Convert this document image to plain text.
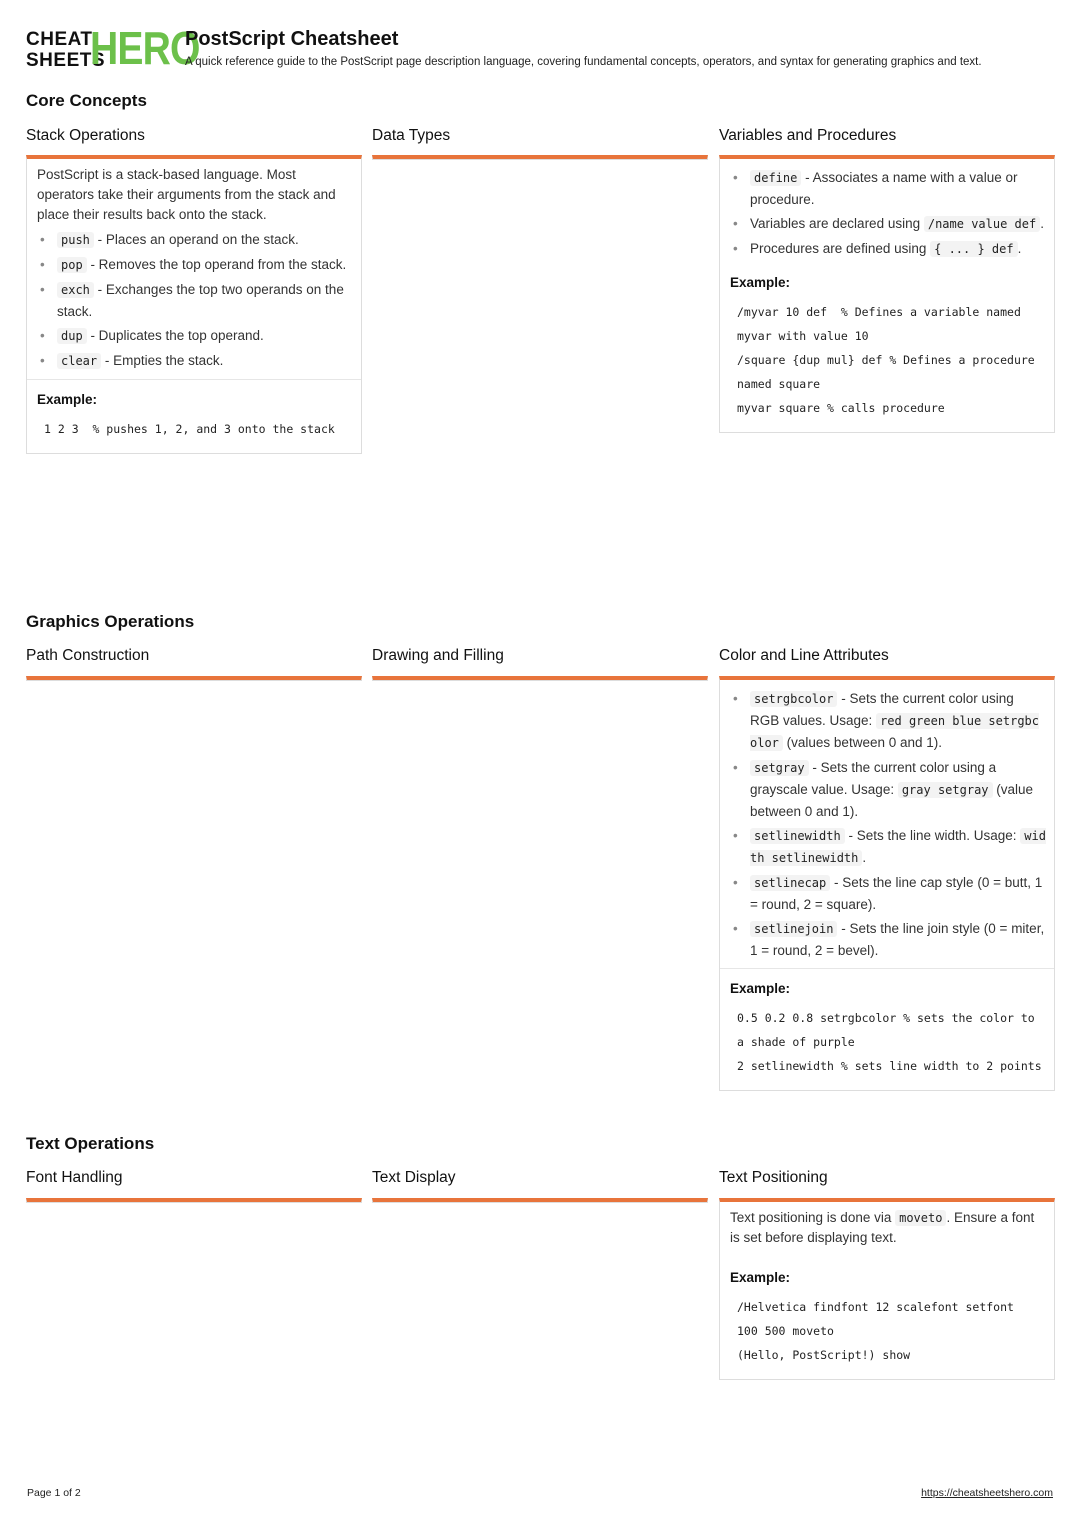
CHEAT
SHEETS
HERO
PostScript Cheatsheet
A quick reference guide to the PostScript page description language, covering fundamental concepts, operators, and syntax for generating graphics and text.
Core Concepts
Stack Operations
PostScript is a stack-based language. Most operators take their arguments from the stack and place their results back onto the stack.
• push - Places an operand on the stack.
• pop - Removes the top operand from the stack.
• exch - Exchanges the top two operands on the stack.
• dup - Duplicates the top operand.
• clear - Empties the stack.
Example:
1 2 3  % pushes 1, 2, and 3 onto the stack
Data Types	Variables and Procedures
• define - Associates a name with a value or procedure.
• Variables are declared using /name value def .
• Procedures are defined using { ... } def .
Example:
/myvar 10 def  % Defines a variable named myvar with value 10
/square {dup mul} def % Defines a procedure named square
myvar square % calls procedure
Graphics Operations
Path Construction	Drawing and Filling	Color and Line Attributes
• setrgbcolor - Sets the current color using RGB values. Usage: red green blue setrgbcolor (values between 0 and 1).
• setgray - Sets the current color using a grayscale value. Usage: gray setgray (value between 0 and 1).
• setlinewidth - Sets the line width. Usage: width setlinewidth .
• setlinecap - Sets the line cap style (0 = butt, 1 = round, 2 = square).
• setlinejoin - Sets the line join style (0 = miter, 1 = round, 2 = bevel).
Example:
0.5 0.2 0.8 setrgbcolor % sets the color to a shade of purple
2 setlinewidth % sets line width to 2 points
Text Operations
Font Handling	Text Display	Text Positioning
Text positioning is done via moveto . Ensure a font is set before displaying text.
Example:
/Helvetica findfont 12 scalefont setfont
100 500 moveto
(Hello, PostScript!) show
Page 1 of 2	https://cheatsheetshero.com
